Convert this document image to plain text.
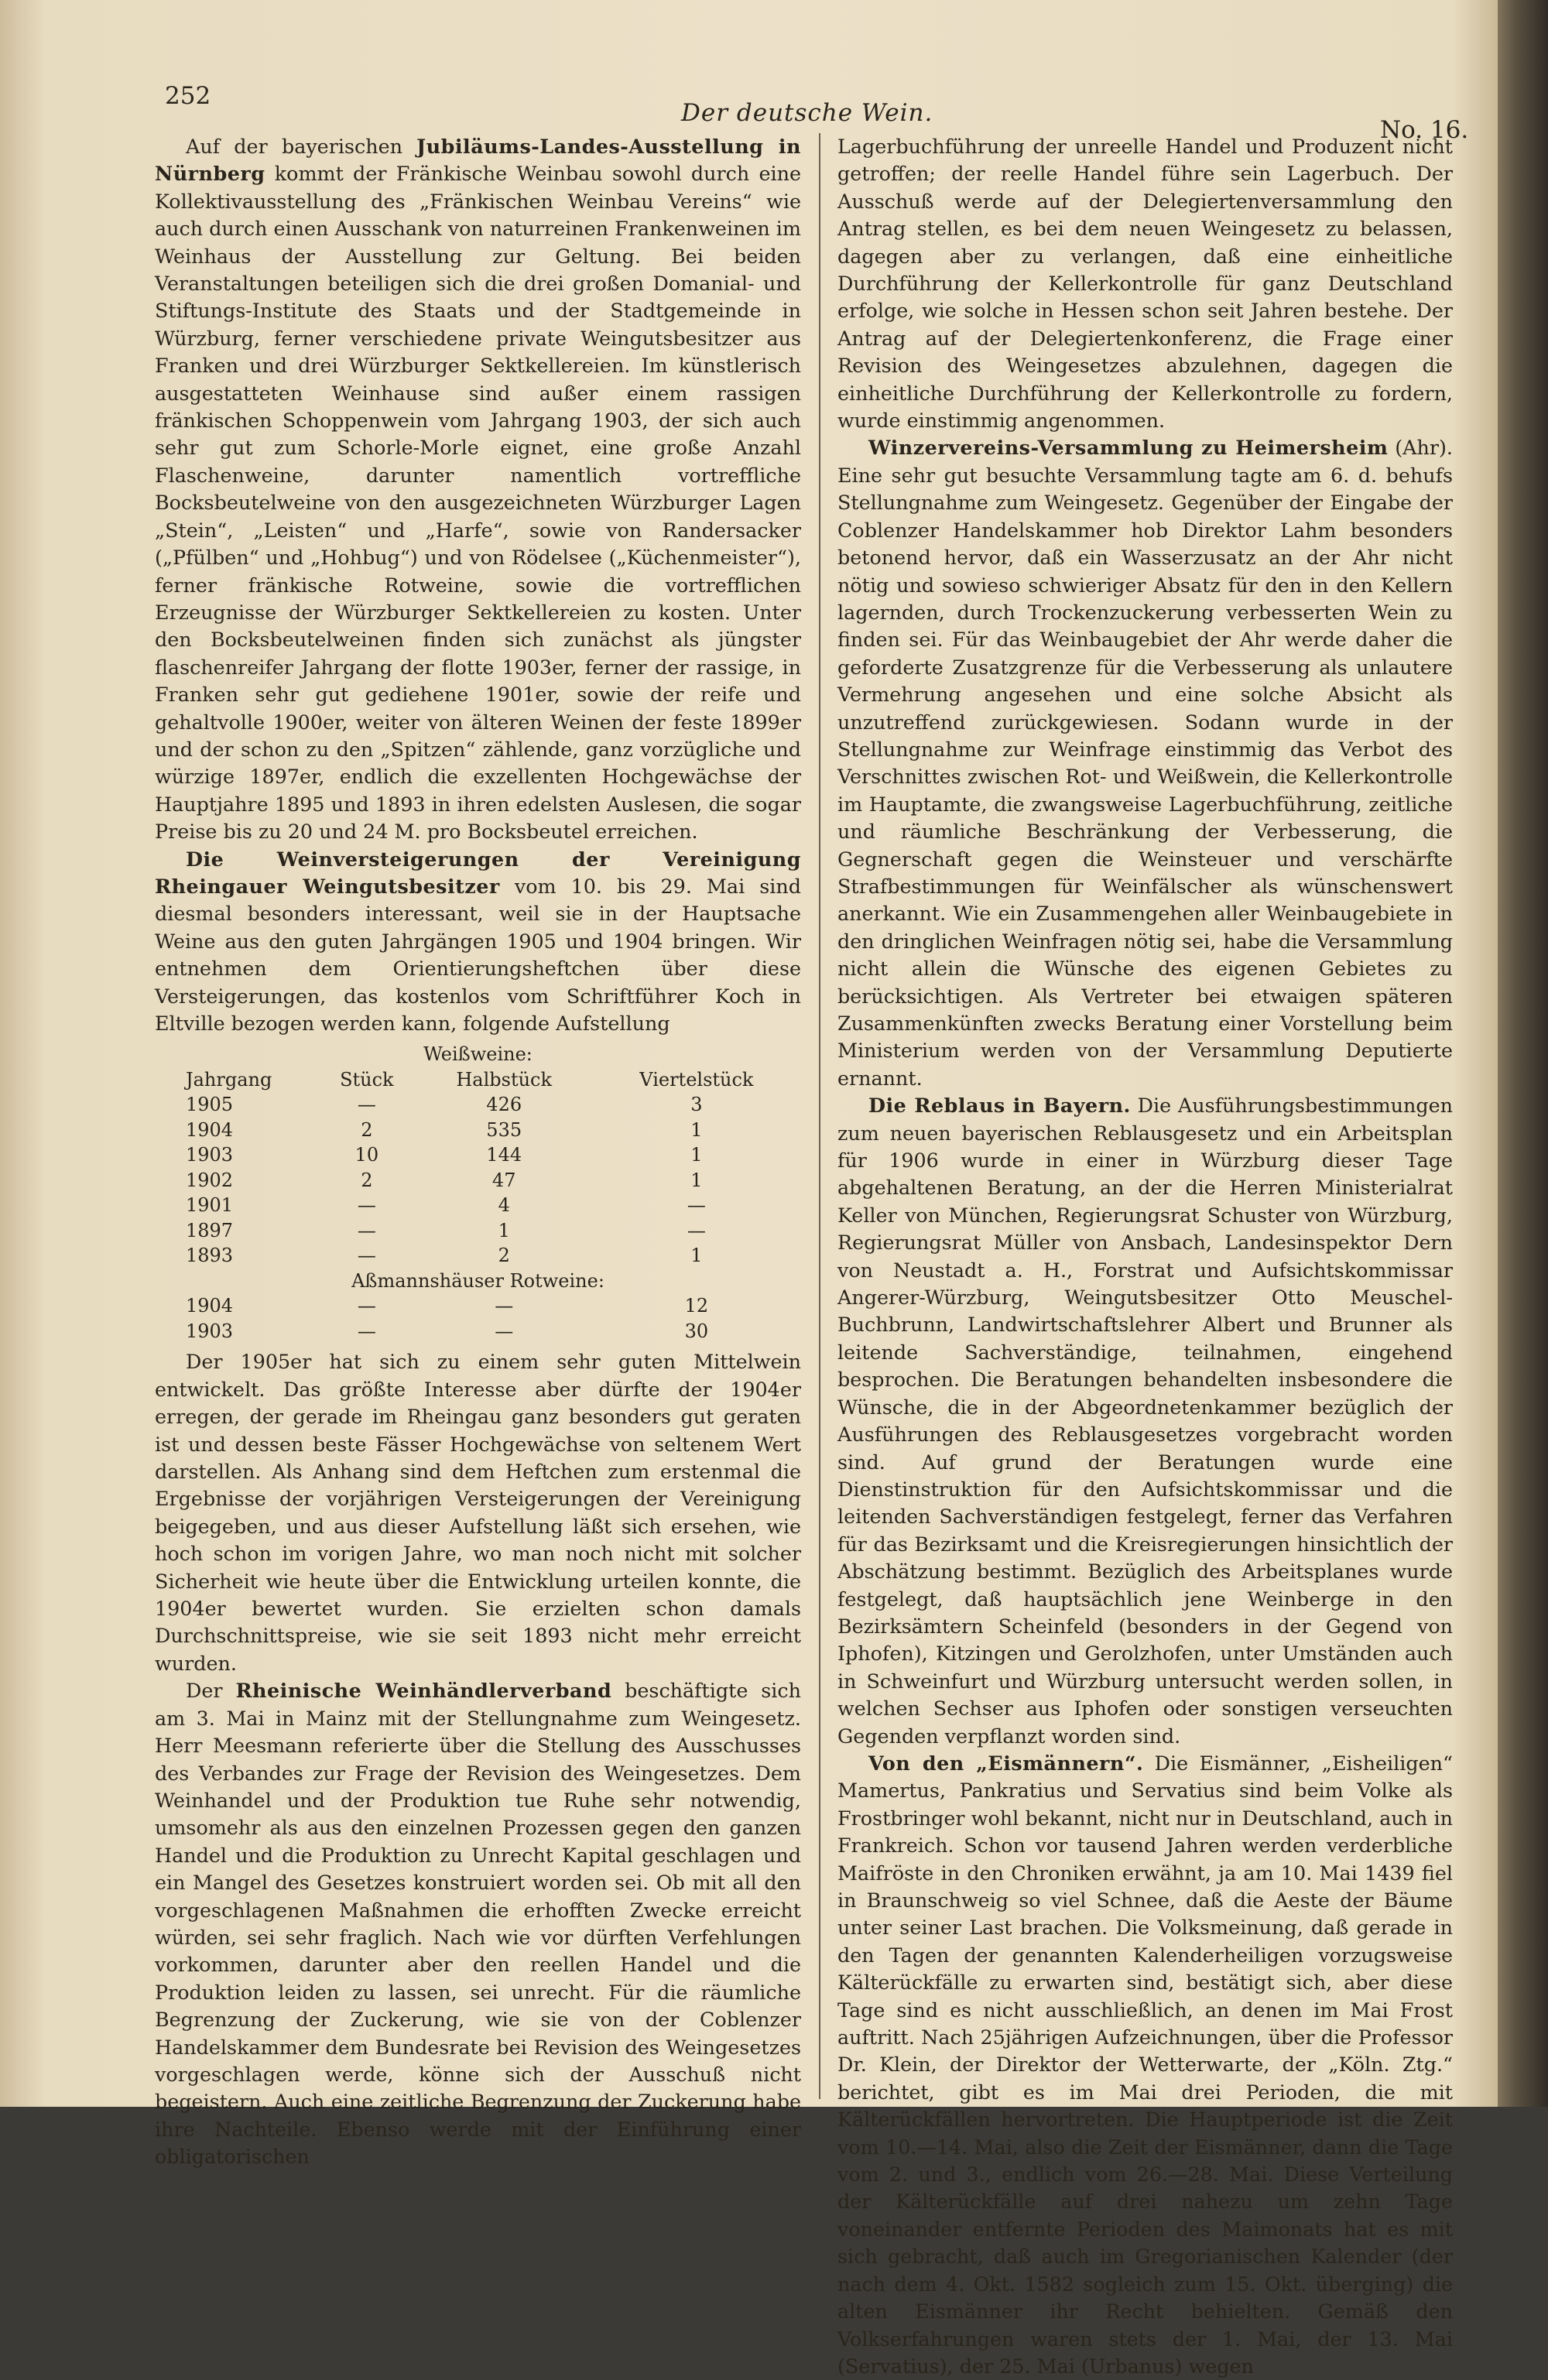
252
Der deutsche Wein.
No. 16.

Auf der bayerischen Jubiläums-Landes-Ausstellung in Nürnberg kommt der Fränkische Weinbau sowohl durch eine Kollektivausstellung des „Fränkischen Weinbau Vereins“ wie auch durch einen Ausschank von naturreinen Frankenweinen im Weinhaus der Ausstellung zur Geltung. Bei beiden Veranstaltungen beteiligen sich die drei großen Domanial- und Stiftungs-Institute des Staats und der Stadtgemeinde in Würzburg, ferner verschiedene private Weingutsbesitzer aus Franken und drei Würzburger Sektkellereien. Im künstlerisch ausgestatteten Weinhause sind außer einem rassigen fränkischen Schoppenwein vom Jahrgang 1903, der sich auch sehr gut zum Schorle-Morle eignet, eine große Anzahl Flaschenweine, darunter namentlich vortreffliche Bocksbeutelweine von den ausgezeichneten Würzburger Lagen „Stein“, „Leisten“ und „Harfe“, sowie von Randersacker („Pfülben“ und „Hohbug“) und von Rödelsee („Küchenmeister“), ferner fränkische Rotweine, sowie die vortrefflichen Erzeugnisse der Würzburger Sektkellereien zu kosten. Unter den Bocksbeutelweinen finden sich zunächst als jüngster flaschenreifer Jahrgang der flotte 1903er, ferner der rassige, in Franken sehr gut gediehene 1901er, sowie der reife und gehaltvolle 1900er, weiter von älteren Weinen der feste 1899er und der schon zu den „Spitzen“ zählende, ganz vorzügliche und würzige 1897er, endlich die exzellenten Hochgewächse der Hauptjahre 1895 und 1893 in ihren edelsten Auslesen, die sogar Preise bis zu 20 und 24 M. pro Bocksbeutel erreichen.

Die Weinversteigerungen der Vereinigung Rheingauer Weingutsbesitzer vom 10. bis 29. Mai sind diesmal besonders interessant, weil sie in der Hauptsache Weine aus den guten Jahrgängen 1905 und 1904 bringen. Wir entnehmen dem Orientierungsheftchen über diese Versteigerungen, das kostenlos vom Schriftführer Koch in Eltville bezogen werden kann, folgende Aufstellung

Weißweine:			
Jahrgang	Stück	Halbstück	Viertelstück
1905	—	426	3
1904	2	535	1
1903	10	144	1
1902	2	47	1
1901	—	4	—
1897	—	1	—
1893	—	2	1
Aßmannshäuser Rotweine:			
1904	—	—	12
1903	—	—	30

Der 1905er hat sich zu einem sehr guten Mittelwein entwickelt. Das größte Interesse aber dürfte der 1904er erregen, der gerade im Rheingau ganz besonders gut geraten ist und dessen beste Fässer Hochgewächse von seltenem Wert darstellen. Als Anhang sind dem Heftchen zum erstenmal die Ergebnisse der vorjährigen Versteigerungen der Vereinigung beigegeben, und aus dieser Aufstellung läßt sich ersehen, wie hoch schon im vorigen Jahre, wo man noch nicht mit solcher Sicherheit wie heute über die Entwicklung urteilen konnte, die 1904er bewertet wurden. Sie erzielten schon damals Durchschnittspreise, wie sie seit 1893 nicht mehr erreicht wurden.

Der Rheinische Weinhändlerverband beschäftigte sich am 3. Mai in Mainz mit der Stellungnahme zum Weingesetz. Herr Meesmann referierte über die Stellung des Ausschusses des Verbandes zur Frage der Revision des Weingesetzes. Dem Weinhandel und der Produktion tue Ruhe sehr notwendig, umsomehr als aus den einzelnen Prozessen gegen den ganzen Handel und die Produktion zu Unrecht Kapital geschlagen und ein Mangel des Gesetzes konstruiert worden sei. Ob mit all den vorgeschlagenen Maßnahmen die erhofften Zwecke erreicht würden, sei sehr fraglich. Nach wie vor dürften Verfehlungen vorkommen, darunter aber den reellen Handel und die Produktion leiden zu lassen, sei unrecht. Für die räumliche Begrenzung der Zuckerung, wie sie von der Coblenzer Handelskammer dem Bundesrate bei Revision des Weingesetzes vorgeschlagen werde, könne sich der Ausschuß nicht begeistern. Auch eine zeitliche Begrenzung der Zuckerung habe ihre Nachteile. Ebenso werde mit der Einführung einer obligatorischen

Lagerbuchführung der unreelle Handel und Produzent nicht getroffen; der reelle Handel führe sein Lagerbuch. Der Ausschuß werde auf der Delegiertenversammlung den Antrag stellen, es bei dem neuen Weingesetz zu belassen, dagegen aber zu verlangen, daß eine einheitliche Durchführung der Kellerkontrolle für ganz Deutschland erfolge, wie solche in Hessen schon seit Jahren bestehe. Der Antrag auf der Delegiertenkonferenz, die Frage einer Revision des Weingesetzes abzulehnen, dagegen die einheitliche Durchführung der Kellerkontrolle zu fordern, wurde einstimmig angenommen.

Winzervereins-Versammlung zu Heimersheim (Ahr). Eine sehr gut besuchte Versammlung tagte am 6. d. behufs Stellungnahme zum Weingesetz. Gegenüber der Eingabe der Coblenzer Handelskammer hob Direktor Lahm besonders betonend hervor, daß ein Wasserzusatz an der Ahr nicht nötig und sowieso schwieriger Absatz für den in den Kellern lagernden, durch Trockenzuckerung verbesserten Wein zu finden sei. Für das Weinbaugebiet der Ahr werde daher die geforderte Zusatzgrenze für die Verbesserung als unlautere Vermehrung angesehen und eine solche Absicht als unzutreffend zurückgewiesen. Sodann wurde in der Stellungnahme zur Weinfrage einstimmig das Verbot des Verschnittes zwischen Rot- und Weißwein, die Kellerkontrolle im Hauptamte, die zwangsweise Lagerbuchführung, zeitliche und räumliche Beschränkung der Verbesserung, die Gegnerschaft gegen die Weinsteuer und verschärfte Strafbestimmungen für Weinfälscher als wünschenswert anerkannt. Wie ein Zusammengehen aller Weinbaugebiete in den dringlichen Weinfragen nötig sei, habe die Versammlung nicht allein die Wünsche des eigenen Gebietes zu berücksichtigen. Als Vertreter bei etwaigen späteren Zusammenkünften zwecks Beratung einer Vorstellung beim Ministerium werden von der Versammlung Deputierte ernannt.

Die Reblaus in Bayern. Die Ausführungsbestimmungen zum neuen bayerischen Reblausgesetz und ein Arbeitsplan für 1906 wurde in einer in Würzburg dieser Tage abgehaltenen Beratung, an der die Herren Ministerialrat Keller von München, Regierungsrat Schuster von Würzburg, Regierungsrat Müller von Ansbach, Landesinspektor Dern von Neustadt a. H., Forstrat und Aufsichtskommissar Angerer-Würzburg, Weingutsbesitzer Otto Meuschel-Buchbrunn, Landwirtschaftslehrer Albert und Brunner als leitende Sachverständige, teilnahmen, eingehend besprochen. Die Beratungen behandelten insbesondere die Wünsche, die in der Abgeordnetenkammer bezüglich der Ausführungen des Reblausgesetzes vorgebracht worden sind. Auf grund der Beratungen wurde eine Dienstinstruktion für den Aufsichtskommissar und die leitenden Sachverständigen festgelegt, ferner das Verfahren für das Bezirksamt und die Kreisregierungen hinsichtlich der Abschätzung bestimmt. Bezüglich des Arbeitsplanes wurde festgelegt, daß hauptsächlich jene Weinberge in den Bezirksämtern Scheinfeld (besonders in der Gegend von Iphofen), Kitzingen und Gerolzhofen, unter Umständen auch in Schweinfurt und Würzburg untersucht werden sollen, in welchen Sechser aus Iphofen oder sonstigen verseuchten Gegenden verpflanzt worden sind.

Von den „Eismännern“. Die Eismänner, „Eisheiligen“ Mamertus, Pankratius und Servatius sind beim Volke als Frostbringer wohl bekannt, nicht nur in Deutschland, auch in Frankreich. Schon vor tausend Jahren werden verderbliche Maifröste in den Chroniken erwähnt, ja am 10. Mai 1439 fiel in Braunschweig so viel Schnee, daß die Aeste der Bäume unter seiner Last brachen. Die Volksmeinung, daß gerade in den Tagen der genannten Kalenderheiligen vorzugsweise Kälterückfälle zu erwarten sind, bestätigt sich, aber diese Tage sind es nicht ausschließlich, an denen im Mai Frost auftritt. Nach 25jährigen Aufzeichnungen, über die Professor Dr. Klein, der Direktor der Wetterwarte, der „Köln. Ztg.“ berichtet, gibt es im Mai drei Perioden, die mit Kälterückfällen hervortreten. Die Hauptperiode ist die Zeit vom 10.—14. Mai, also die Zeit der Eismänner, dann die Tage vom 2. und 3., endlich vom 26.—28. Mai. Diese Verteilung der Kälterückfälle auf drei nahezu um zehn Tage voneinander entfernte Perioden des Maimonats hat es mit sich gebracht, daß auch im Gregorianischen Kalender (der nach dem 4. Okt. 1582 sogleich zum 15. Okt. überging) die alten Eismänner ihr Recht behielten. Gemäß den Volkserfahrungen waren stets der 1. Mai, der 13. Mai (Servatius), der 25. Mai (Urbanus) wegen
